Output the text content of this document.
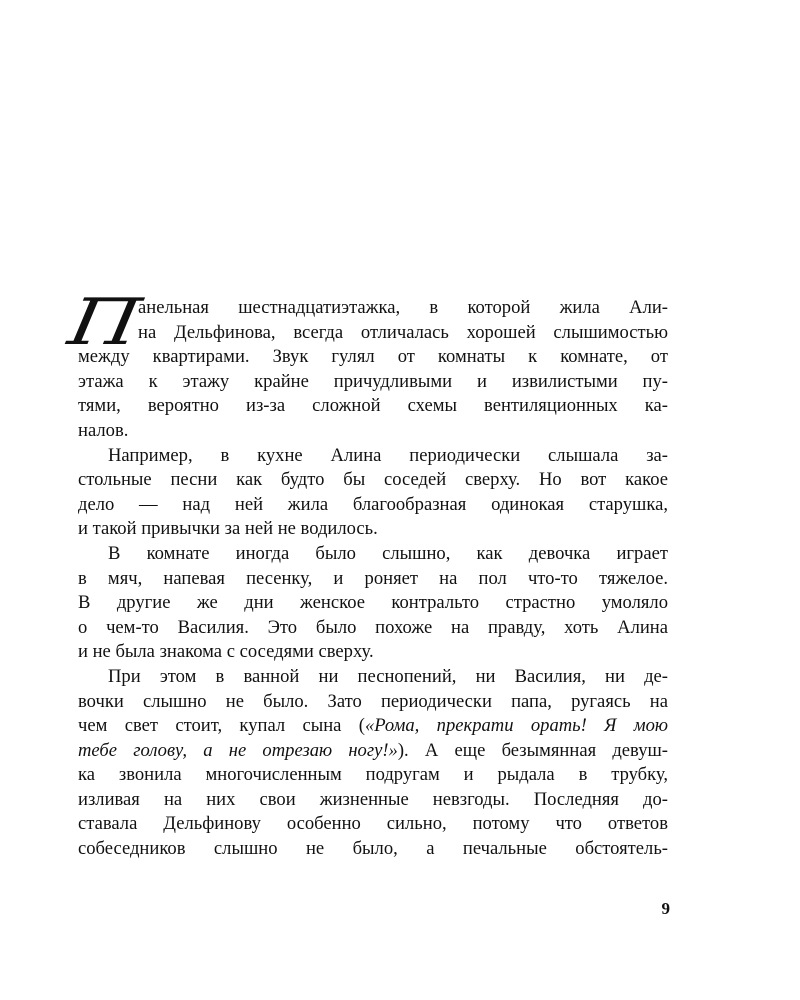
П
анельная шестнадцатиэтажка, в которой жила Али-
на Дельфинова, всегда отличалась хорошей слышимостью
между квартирами. Звук гулял от комнаты к комнате, от
этажа к этажу крайне причудливыми и извилистыми пу-
тями, вероятно из-за сложной схемы вентиляционных ка-
налов.
Например, в кухне Алина периодически слышала за-
стольные песни как будто бы соседей сверху. Но вот какое
дело — над ней жила благообразная одинокая старушка,
и такой привычки за ней не водилось.
В комнате иногда было слышно, как девочка играет
в мяч, напевая песенку, и роняет на пол что-то тяжелое.
В другие же дни женское контральто страстно умоляло
о чем-то Василия. Это было похоже на правду, хоть Алина
и не была знакома с соседями сверху.
При этом в ванной ни песнопений, ни Василия, ни де-
вочки слышно не было. Зато периодически папа, ругаясь на
чем свет стоит, купал сына («Рома, прекрати орать! Я мою
тебе голову, а не отрезаю ногу!»). А еще безымянная девуш-
ка звонила многочисленным подругам и рыдала в трубку,
изливая на них свои жизненные невзгоды. Последняя до-
ставала Дельфинову особенно сильно, потому что ответов
собеседников слышно не было, а печальные обстоятель-
9
